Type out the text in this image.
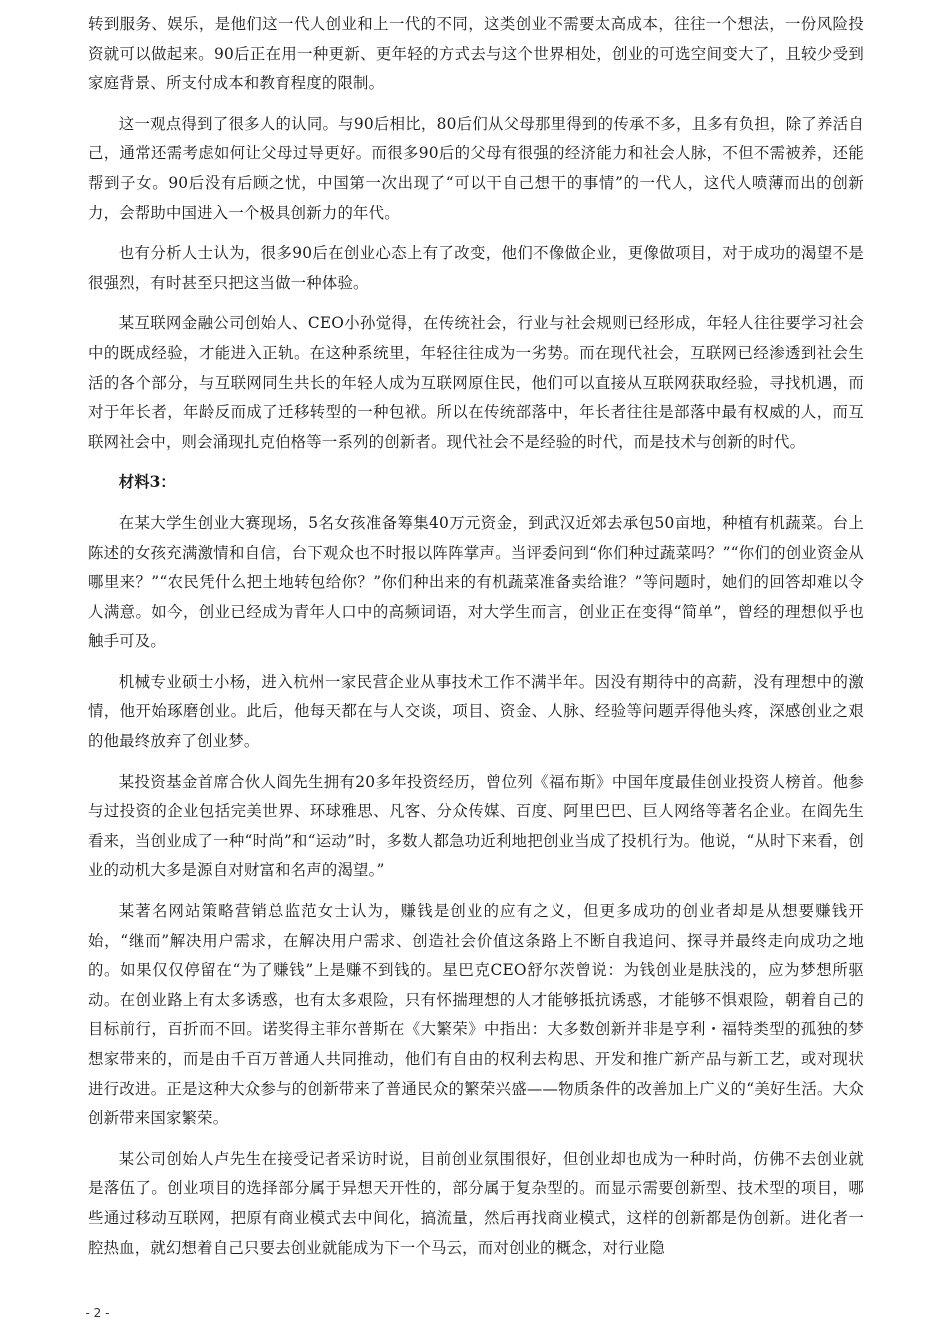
转到服务、娱乐，是他们这一代人创业和上一代的不同，这类创业不需要太高成本，往往一个想法，一份风险投资就可以做起来。90后正在用一种更新、更年轻的方式去与这个世界相处，创业的可选空间变大了，且较少受到家庭背景、所支付成本和教育程度的限制。

这一观点得到了很多人的认同。与90后相比，80后们从父母那里得到的传承不多，且多有负担，除了养活自己，通常还需考虑如何让父母过导更好。而很多90后的父母有很强的经济能力和社会人脉，不但不需被养，还能帮到子女。90后没有后顾之忧，中国第一次出现了“可以干自己想干的事情”的一代人，这代人喷薄而出的创新力，会帮助中国进入一个极具创新力的年代。

也有分析人士认为，很多90后在创业心态上有了改变，他们不像做企业，更像做项目，对于成功的渴望不是很强烈，有时甚至只把这当做一种体验。

某互联网金融公司创始人、CEO小孙觉得，在传统社会，行业与社会规则已经形成，年轻人往往要学习社会中的既成经验，才能进入正轨。在这种系统里，年轻往往成为一劣势。而在现代社会，互联网已经渗透到社会生活的各个部分，与互联网同生共长的年轻人成为互联网原住民，他们可以直接从互联网获取经验，寻找机遇，而对于年长者，年龄反而成了迁移转型的一种包袱。所以在传统部落中，年长者往往是部落中最有权威的人，而互联网社会中，则会涌现扎克伯格等一系列的创新者。现代社会不是经验的时代，而是技术与创新的时代。

材料3：

在某大学生创业大赛现场，5名女孩准备筹集40万元资金，到武汉近郊去承包50亩地，种植有机蔬菜。台上陈述的女孩充满激情和自信，台下观众也不时报以阵阵掌声。当评委问到“你们种过蔬菜吗？”“你们的创业资金从哪里来？”“农民凭什么把土地转包给你？”你们种出来的有机蔬菜准备卖给谁？”等问题时，她们的回答却难以令人满意。如今，创业已经成为青年人口中的高频词语，对大学生而言，创业正在变得“简单”，曾经的理想似乎也触手可及。

机械专业硕士小杨，进入杭州一家民营企业从事技术工作不满半年。因没有期待中的高薪，没有理想中的激情，他开始琢磨创业。此后，他每天都在与人交谈，项目、资金、人脉、经验等问题弄得他头疼，深感创业之艰的他最终放弃了创业梦。

某投资基金首席合伙人阎先生拥有20多年投资经历，曾位列《福布斯》中国年度最佳创业投资人榜首。他参与过投资的企业包括完美世界、环球雅思、凡客、分众传媒、百度、阿里巴巴、巨人网络等著名企业。在阎先生看来，当创业成了一种“时尚”和“运动”时，多数人都急功近利地把创业当成了投机行为。他说，“从时下来看，创业的动机大多是源自对财富和名声的渴望。”

某著名网站策略营销总监范女士认为，赚钱是创业的应有之义，但更多成功的创业者却是从想要赚钱开始，“继而”解决用户需求，在解决用户需求、创造社会价值这条路上不断自我追问、探寻并最终走向成功之地的。如果仅仅停留在“为了赚钱”上是赚不到钱的。星巴克CEO舒尔茨曾说：为钱创业是肤浅的，应为梦想所驱动。在创业路上有太多诱惑，也有太多艰险，只有怀揣理想的人才能够抵抗诱惑，才能够不惧艰险，朝着自己的目标前行，百折而不回。诺奖得主菲尔普斯在《大繁荣》中指出：大多数创新并非是亨利・福特类型的孤独的梦想家带来的，而是由千百万普通人共同推动，他们有自由的权利去构思、开发和推广新产品与新工艺，或对现状进行改进。正是这种大众参与的创新带来了普通民众的繁荣兴盛——物质条件的改善加上广义的“美好生活。大众创新带来国家繁荣。

某公司创始人卢先生在接受记者采访时说，目前创业氛围很好，但创业却也成为一种时尚，仿佛不去创业就是落伍了。创业项目的选择部分属于异想天开性的，部分属于复杂型的。而显示需要创新型、技术型的项目，哪些通过移动互联网，把原有商业模式去中间化，搞流量，然后再找商业模式，这样的创新都是伪创新。进化者一腔热血，就幻想着自己只要去创业就能成为下一个马云，而对创业的概念，对行业隐

- 2 -
